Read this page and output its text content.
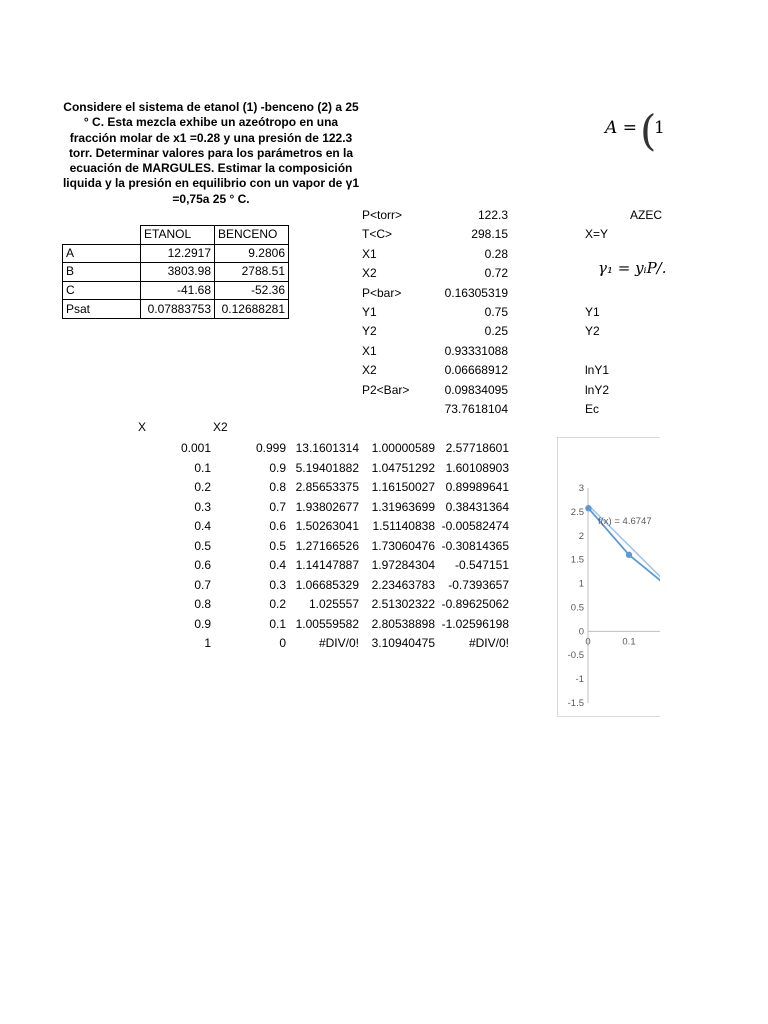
Considere el sistema de etanol (1) -benceno (2) a 25 ° C. Esta mezcla exhibe un azeótropo en una fracción molar de x1 =0.28 y una presión de 122.3 torr. Determinar valores para los parámetros en la ecuación de MARGULES. Estimar la composición liquida y la presión en equilibrio con un vapor de γ1 =0,75a 25 ° C.
A = (
1
γ₁ = yᵢP/.
	ETANOL	BENCENO
A	12.2917	9.2806
B	3803.98	2788.51
C	-41.68	-52.36
Psat	0.07883753	0.12688281
P<torr>	122.3	AZEC
T<C>	298.15	X=Y
X1	0.28
X2	0.72
P<bar>	0.16305319
Y1	0.75	Y1
Y2	0.25	Y2
X1	0.93331088
X2	0.06668912	lnY1
P2<Bar>	0.09834095	lnY2
73.7618104	Ec
X	X2
0.001	0.999 13.1601314	1.00000589 2.57718601
0.1	0.9 5.19401882	1.04751292 1.60108903
0.2	0.8 2.85653375	1.16150027 0.89989641
0.3	0.7 1.93802677	1.31963699 0.38431364
0.4	0.6 1.50263041	1.51140838 -0.00582474
0.5	0.5 1.27166526	1.73060476 -0.30814365
0.6	0.4 1.14147887	1.97284304	-0.547151
0.7	0.3 1.06685329	2.23463783	-0.7393657
0.8	0.2	1.025557	2.51302322 -0.89625062
0.9	0.1 1.00559582	2.80538898 -1.02596198
1	0	#DIV/0!	3.10940475	#DIV/0!
3
2.5
2
1.5
1
0.5
0
-0.5
-1
-1.5
0	0.1
f(x) = 4.6747
